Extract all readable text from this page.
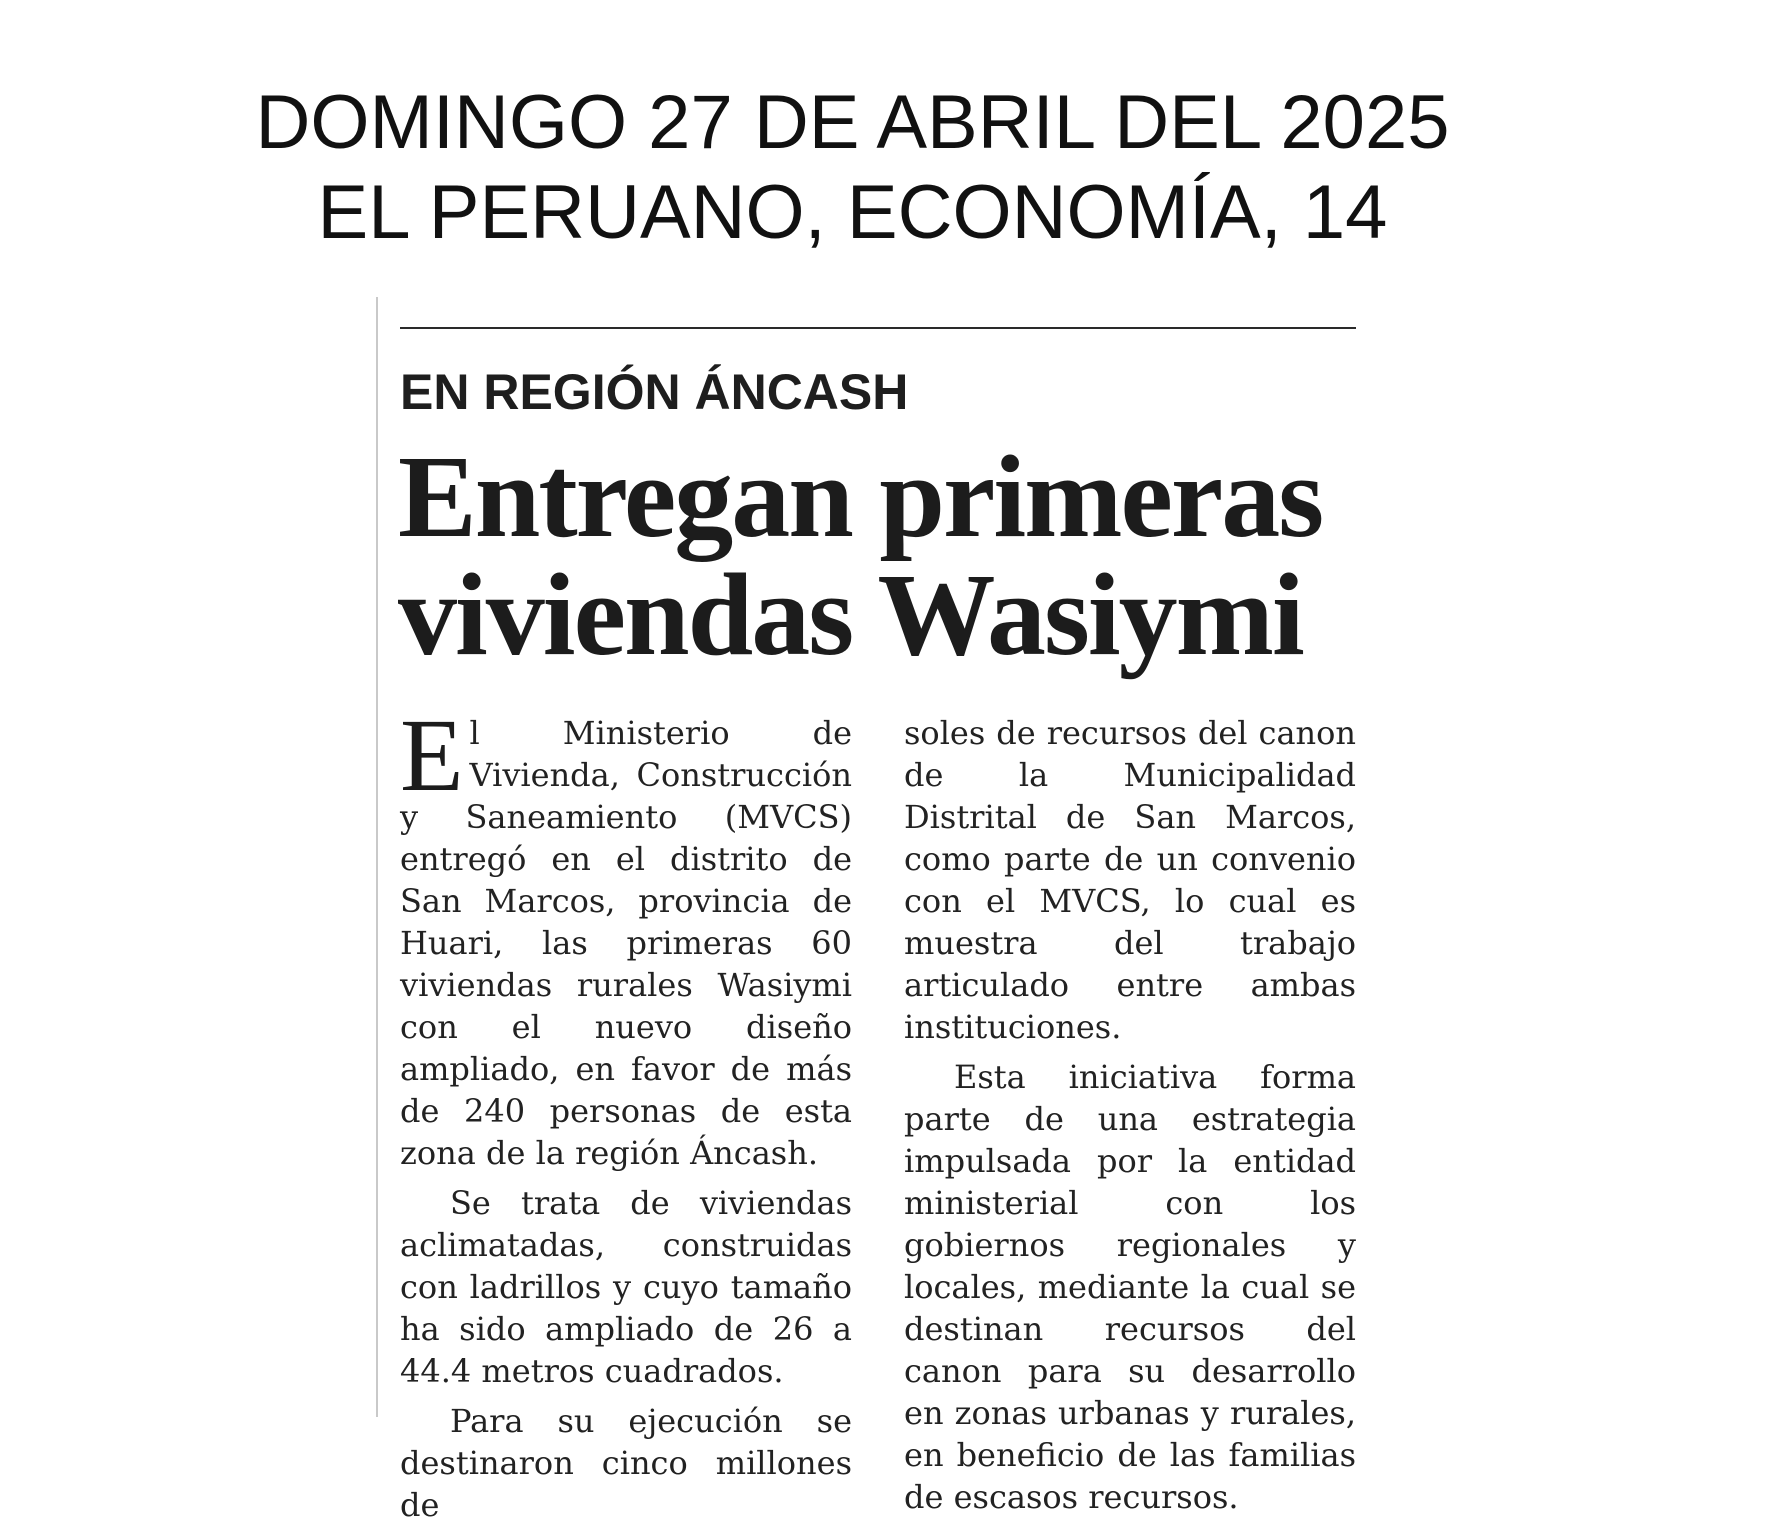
DOMINGO 27 DE ABRIL DEL 2025
EL PERUANO, ECONOMÍA, 14
EN REGIÓN ÁNCASH
Entregan primeras
viviendas Wasiymi

El Ministerio de Vivienda, Construcción y Saneamiento (MVCS) entregó en el distrito de San Marcos, provincia de Huari, las primeras 60 viviendas rurales Wasiymi con el nuevo diseño ampliado, en favor de más de 240 personas de esta zona de la región Áncash.

Se trata de viviendas aclimatadas, construidas con ladrillos y cuyo tamaño ha sido ampliado de 26 a 44.4 metros cuadrados.

Para su ejecución se destinaron cinco millones de

soles de recursos del canon de la Municipalidad Distrital de San Marcos, como parte de un convenio con el MVCS, lo cual es muestra del trabajo articulado entre ambas instituciones.

Esta iniciativa forma parte de una estrategia impulsada por la entidad ministerial con los gobiernos regionales y locales, mediante la cual se destinan recursos del canon para su desarrollo en zonas urbanas y rurales, en beneficio de las familias de escasos recursos.
